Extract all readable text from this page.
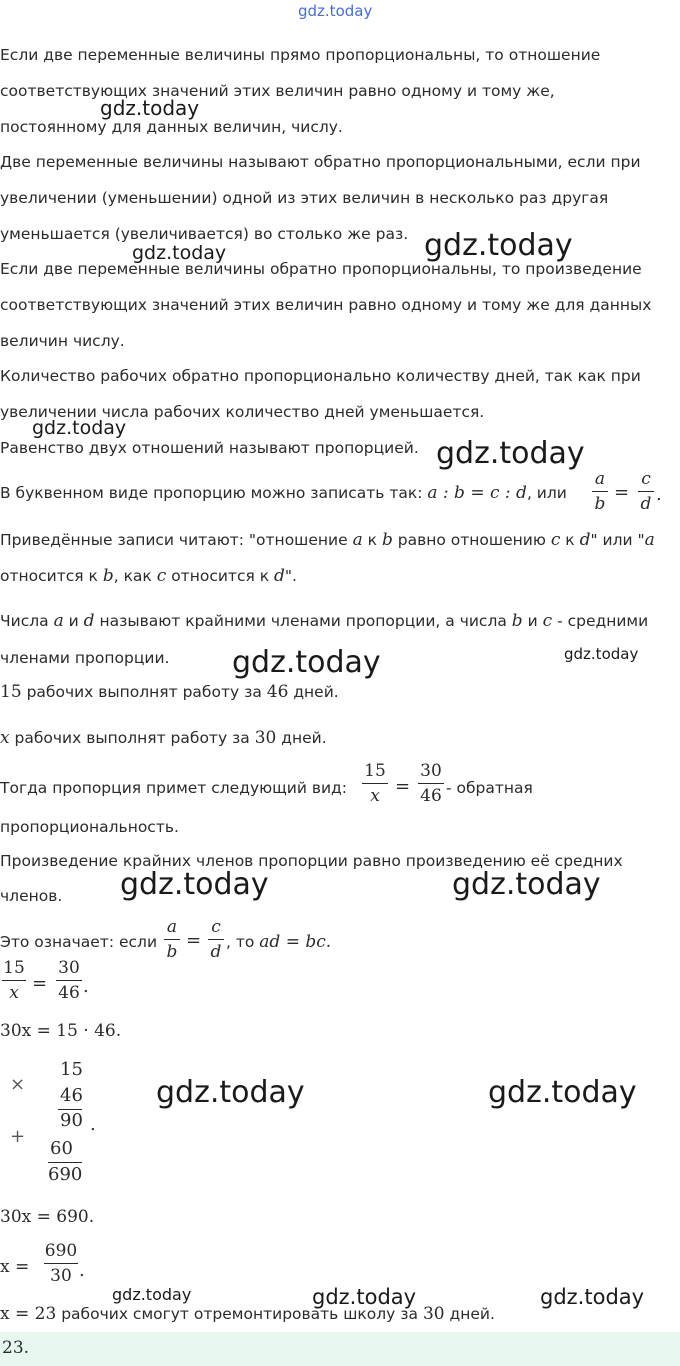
gdz.today
Если две переменные величины прямо пропорциональны, то отношение
соответствующих значений этих величин равно одному и тому же,
gdz.today
постоянному для данных величин, числу.
Две переменные величины называют обратно пропорциональными, если при
увеличении (уменьшении) одной из этих величин в несколько раз другая
уменьшается (увеличивается) во столько же раз. gdz.today
gdz.today
Если две переменные величины обратно пропорциональны, то произведение
соответствующих значений этих величин равно одному и тому же для данных
величин числу.
Количество рабочих обратно пропорционально количеству дней, так как при
увеличении числа рабочих количество дней уменьшается.
gdz.today
Равенство двух отношений называют пропорцией. gdz.today
В буквенном виде пропорцию можно записать так: a : b = c : d, или
a
b
=
c
d .
Приведённые записи читают: "отношение a к b равно отношению c к d" или "a
относится к b, как c относится к d".
Числа a и d называют крайними членами пропорции, а числа b и c - средними
членами пропорции. gdz.today	gdz.today
15 рабочих выполнят работу за 46 дней.
x рабочих выполнят работу за 30 дней.
Тогда пропорция примет следующий вид:
15
x =
30
46 - обратная
пропорциональность.
Произведение крайних членов пропорции равно произведению её средних
членов. gdz.today	gdz.today
Это означает: если
a
b
=
c
d , то ad = bc.
15
x =
30
46 .
30x = 15 · 46.
×
15
46
90 .
+
60
690
gdz.today	gdz.today
30x = 690.
x =
690
30 .
gdz.today	gdz.today	gdz.today
x = 23 рабочих смогут отремонтировать школу за 30 дней.
23.
